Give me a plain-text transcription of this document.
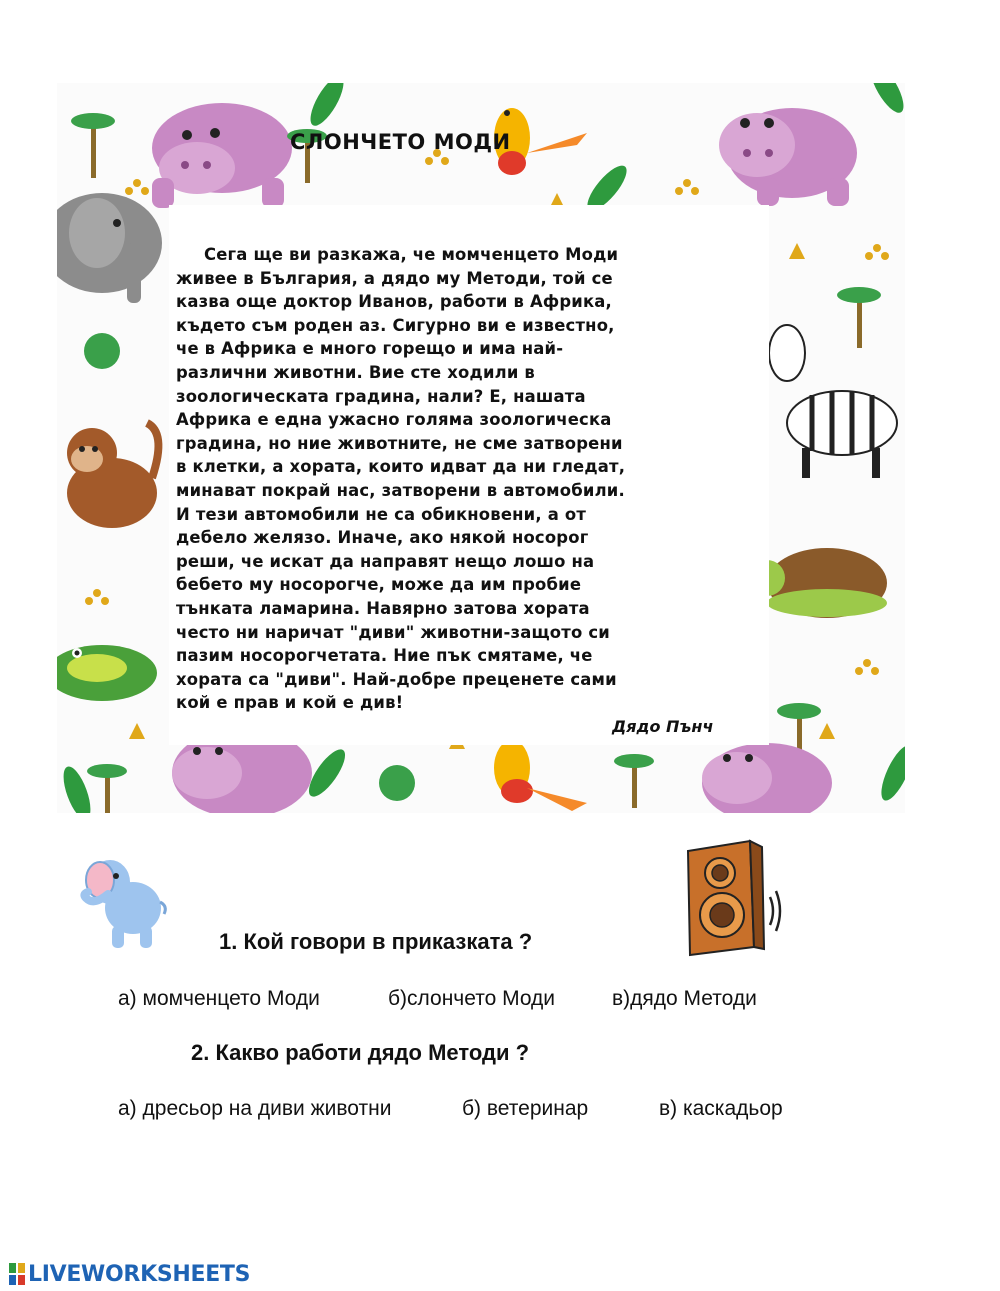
СЛОНЧЕТО МОДИ
Сега ще ви разкажа, че момченцето Моди
живее в България, а дядо му Методи, той се
казва още доктор Иванов, работи в Африка,
където съм роден аз. Сигурно ви е известно,
че в Африка е много горещо и има най-
различни животни. Вие сте ходили в
зоологическата градина, нали? Е, нашата
Африка е една ужасно голяма зоологическа
градина, но ние животните, не сме затворени
в клетки, а хората, които идват да ни гледат,
минават покрай нас, затворени в автомобили.
И тези автомобили не са обикновени, а от
дебело желязо. Иначе, ако някой носорог
реши, че искат да направят нещо лошо на
бебето му носорогче, може да им пробие
тънката ламарина. Навярно затова хората
често ни наричат "диви" животни-защото си
пазим носорогчетата. Ние пък смятаме, че
хората са "диви". Най-добре преценете сами
кой е прав и кой е див!
Дядо Пънч
1. Кой говори в приказката ?
а) момченцето Моди	б)слончето Моди	в)дядо Методи
2. Какво работи дядо Методи ?
а) дресьор на диви животни	б) ветеринар	в) каскадьор
LIVEWORKSHEETS
